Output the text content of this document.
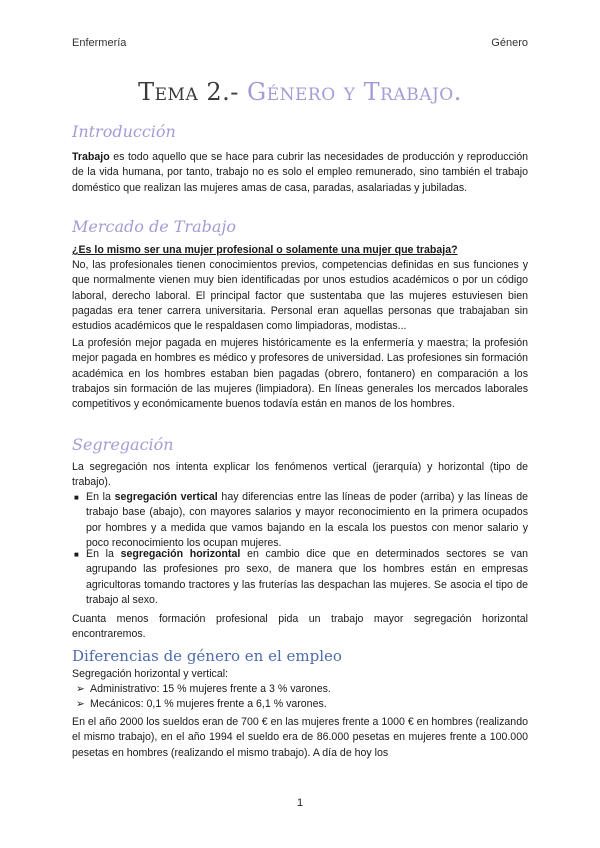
Enfermería	Género
Tema 2.- Género y Trabajo.
Introducción

Trabajo es todo aquello que se hace para cubrir las necesidades de producción y reproducción de la vida humana, por tanto, trabajo no es solo el empleo remunerado, sino también el trabajo doméstico que realizan las mujeres amas de casa, paradas, asalariadas y jubiladas.

Mercado de Trabajo
¿Es lo mismo ser una mujer profesional o solamente una mujer que trabaja?

No, las profesionales tienen conocimientos previos, competencias definidas en sus funciones y que normalmente vienen muy bien identificadas por unos estudios académicos o por un código laboral, derecho laboral. El principal factor que sustentaba que las mujeres estuviesen bien pagadas era tener carrera universitaria. Personal eran aquellas personas que trabajaban sin estudios académicos que le respaldasen como limpiadoras, modistas...

La profesión mejor pagada en mujeres históricamente es la enfermería y maestra; la profesión mejor pagada en hombres es médico y profesores de universidad. Las profesiones sin formación académica en los hombres estaban bien pagadas (obrero, fontanero) en comparación a los trabajos sin formación de las mujeres (limpiadora). En líneas generales los mercados laborales competitivos y económicamente buenos todavía están en manos de los hombres.

Segregación

La segregación nos intenta explicar los fenómenos vertical (jerarquía) y horizontal (tipo de trabajo).

■ En la segregación vertical hay diferencias entre las líneas de poder (arriba) y las líneas de trabajo base (abajo), con mayores salarios y mayor reconocimiento en la primera ocupados por hombres y a medida que vamos bajando en la escala los puestos con menor salario y poco reconocimiento los ocupan mujeres.
■ En la segregación horizontal en cambio dice que en determinados sectores se van agrupando las profesiones pro sexo, de manera que los hombres están en empresas agricultoras tomando tractores y las fruterías las despachan las mujeres. Se asocia el tipo de trabajo al sexo.

Cuanta menos formación profesional pida un trabajo mayor segregación horizontal encontraremos.

Diferencias de género en el empleo
Segregación horizontal y vertical:
➢ Administrativo: 15 % mujeres frente a 3 % varones.
➢ Mecánicos: 0,1 % mujeres frente a 6,1 % varones.

En el año 2000 los sueldos eran de 700 € en las mujeres frente a 1000 € en hombres (realizando el mismo trabajo), en el año 1994 el sueldo era de 86.000 pesetas en mujeres frente a 100.000 pesetas en hombres (realizando el mismo trabajo). A día de hoy los

1
